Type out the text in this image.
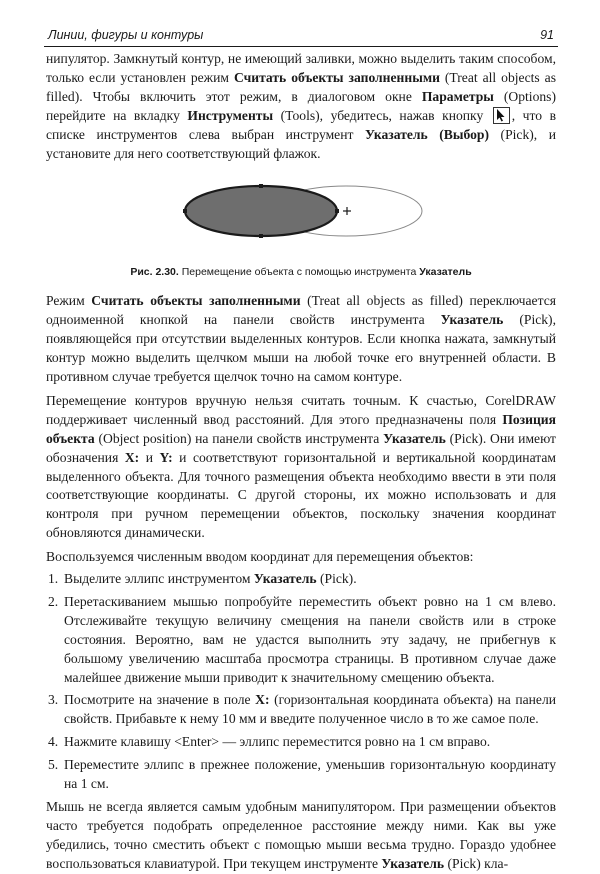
Линии, фигуры и контуры	91

нипулятор. Замкнутый контур, не имеющий заливки, можно выделить таким способом, только если установлен режим Считать объекты заполненными (Treat all objects as filled). Чтобы включить этот режим, в диалоговом окне Параметры (Options) перейдите на вкладку Инструменты (Tools), убедитесь, нажав кнопку
, что в списке инструментов слева выбран инструмент Указатель (Выбор) (Pick), и установите для него соответствующий флажок.

Рис. 2.30. Перемещение объекта с помощью инструмента Указатель

Режим Считать объекты заполненными (Treat all objects as filled) переключается одноименной кнопкой на панели свойств инструмента Указатель (Pick), появляющейся при отсутствии выделенных контуров. Если кнопка нажата, замкнутый контур можно выделить щелчком мыши на любой точке его внутренней области. В противном случае требуется щелчок точно на самом контуре.

Перемещение контуров вручную нельзя считать точным. К счастью, CorelDRAW поддерживает численный ввод расстояний. Для этого предназначены поля Позиция объекта (Object position) на панели свойств инструмента Указатель (Pick). Они имеют обозначения X: и Y: и соответствуют горизонтальной и вертикальной координатам выделенного объекта. Для точного размещения объекта необходимо ввести в эти поля соответствующие координаты. С другой стороны, их можно использовать и для контроля при ручном перемещении объектов, поскольку значения координат обновляются динамически.

Воспользуемся численным вводом координат для перемещения объектов:

1. Выделите эллипс инструментом Указатель (Pick).
2. Перетаскиванием мышью попробуйте переместить объект ровно на 1 см влево. Отслеживайте текущую величину смещения на панели свойств или в строке состояния. Вероятно, вам не удастся выполнить эту задачу, не прибегнув к большому увеличению масштаба просмотра страницы. В противном случае даже малейшее движение мыши приводит к значительному смещению объекта.
3. Посмотрите на значение в поле X: (горизонтальная координата объекта) на панели свойств. Прибавьте к нему 10 мм и введите полученное число в то же самое поле.
4. Нажмите клавишу <Enter> — эллипс переместится ровно на 1 см вправо.
5. Переместите эллипс в прежнее положение, уменьшив горизонтальную координату на 1 см.

Мышь не всегда является самым удобным манипулятором. При размещении объектов часто требуется подобрать определенное расстояние между ними. Как вы уже убедились, точно сместить объект с помощью мыши весьма трудно. Гораздо удобнее воспользоваться клавиатурой. При текущем инструменте Указатель (Pick) кла-
